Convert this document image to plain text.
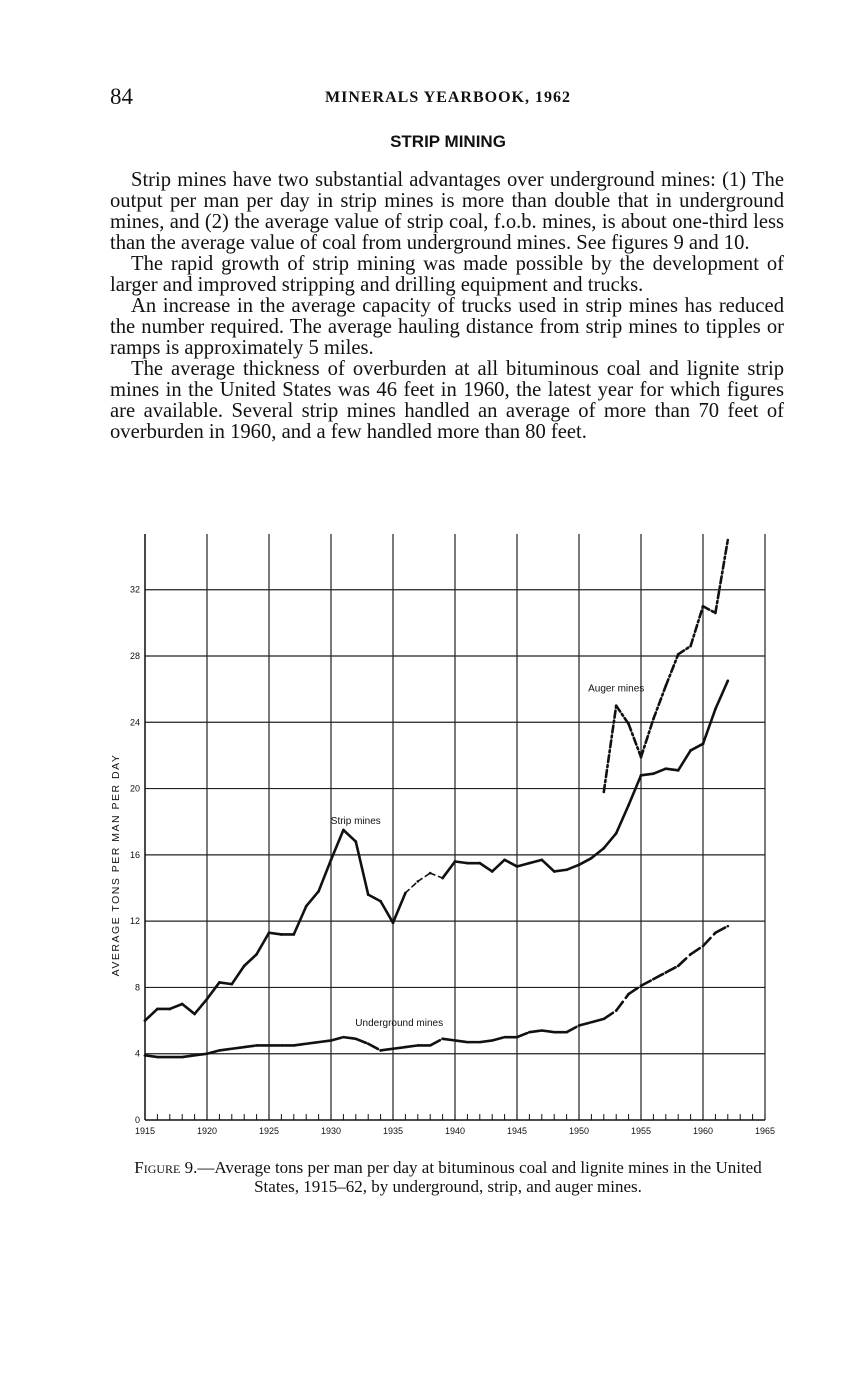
84	MINERALS YEARBOOK, 1962
STRIP MINING

Strip mines have two substantial advantages over underground mines: (1) The output per man per day in strip mines is more than double that in underground mines, and (2) the average value of strip coal, f.o.b. mines, is about one-third less than the average value of coal from underground mines. See figures 9 and 10.

The rapid growth of strip mining was made possible by the development of larger and improved stripping and drilling equipment and trucks.

An increase in the average capacity of trucks used in strip mines has reduced the number required. The average hauling distance from strip mines to tipples or ramps is approximately 5 miles.

The average thickness of overburden at all bituminous coal and lignite strip mines in the United States was 46 feet in 1960, the latest year for which figures are available. Several strip mines handled an average of more than 70 feet of overburden in 1960, and a few handled more than 80 feet.

1915	1920	1925	1930	1935	1940	1945	1950	1955	1960	1965
0
4
8
12
16
20
24
28
32
AVERAGE TONS PER MAN PER DAY	Strip mines
Underground mines
Auger mines
Figure 9.—Average tons per man per day at bituminous coal and lignite mines in the United States, 1915–62, by underground, strip, and auger mines.
